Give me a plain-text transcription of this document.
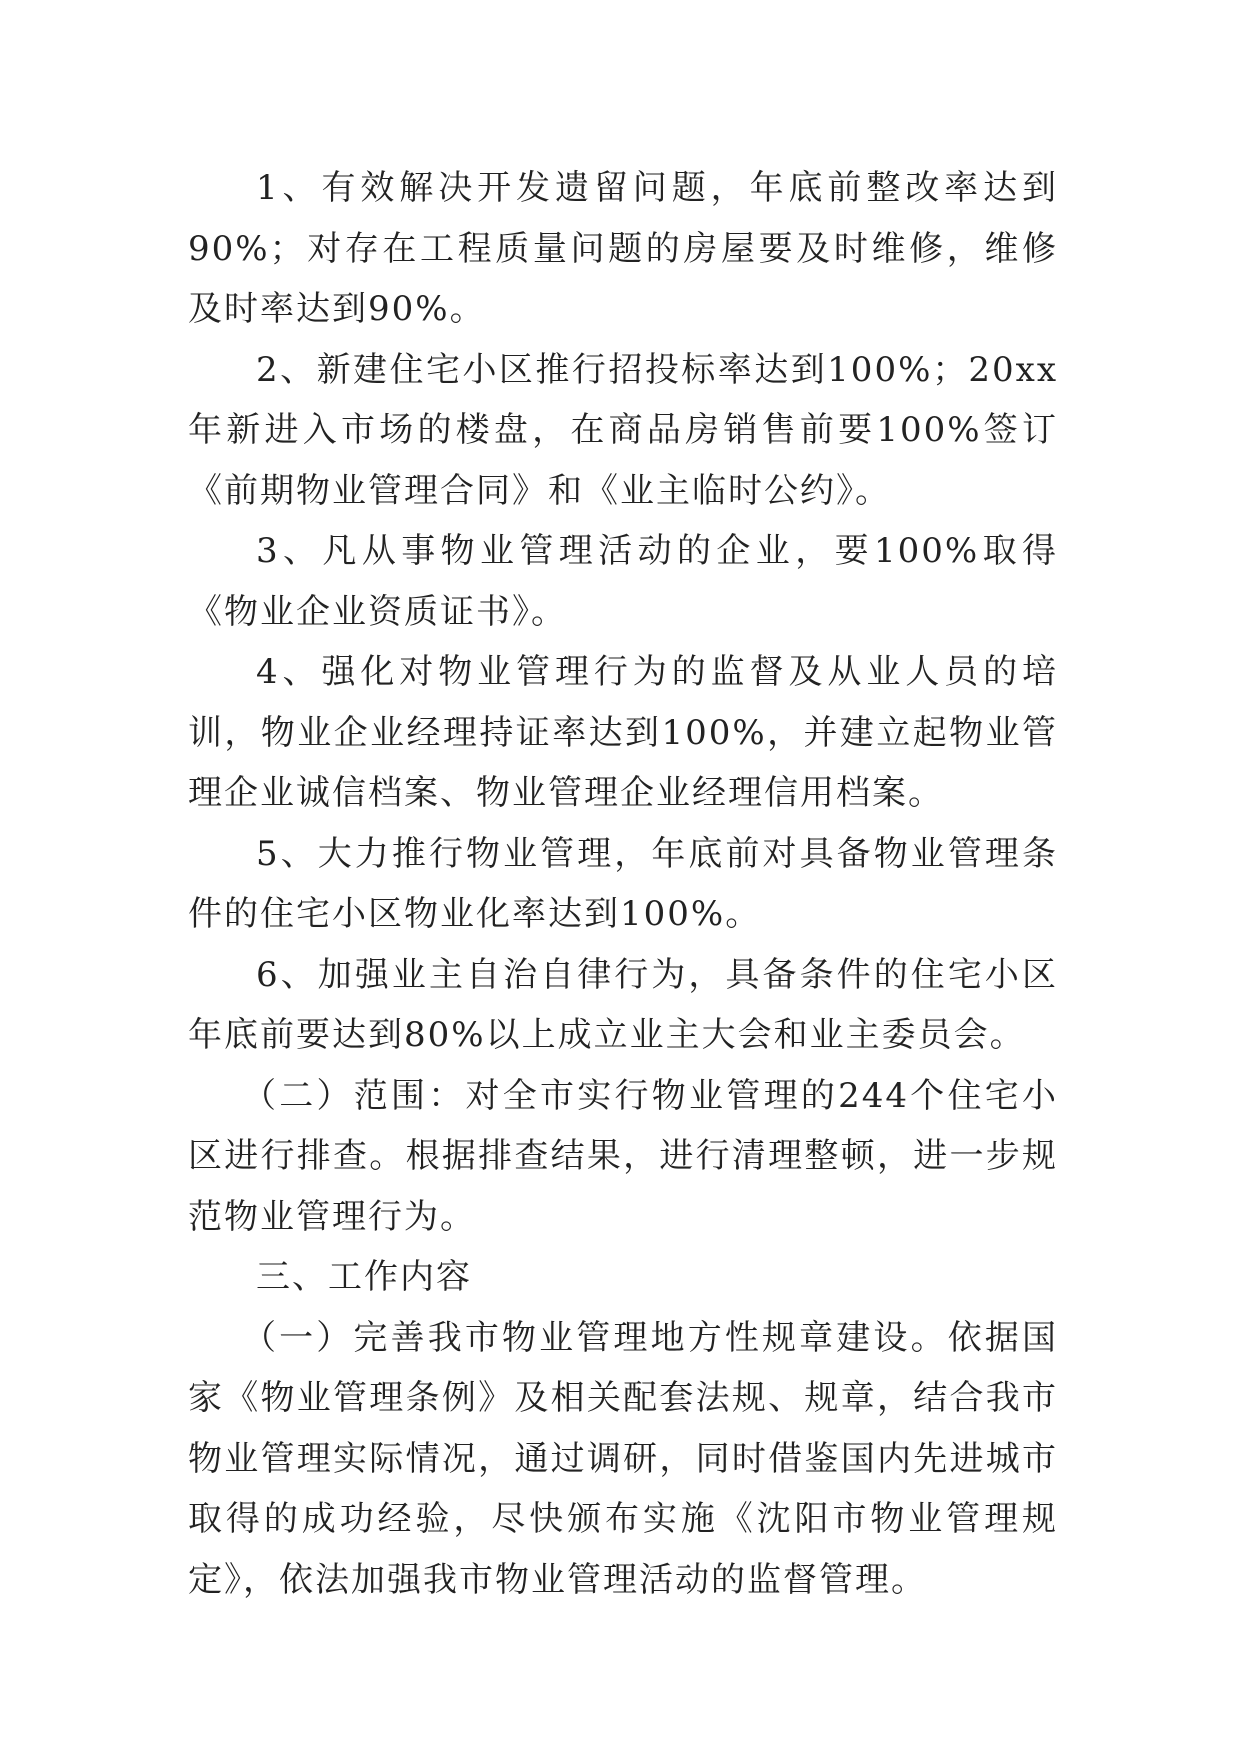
1、有效解决开发遗留问题，年底前整改率达到90%；对存在工程质量问题的房屋要及时维修，维修及时率达到90%。

2、新建住宅小区推行招投标率达到100%；20xx年新进入市场的楼盘，在商品房销售前要100%签订《前期物业管理合同》和《业主临时公约》。

3、凡从事物业管理活动的企业，要100%取得《物业企业资质证书》。

4、强化对物业管理行为的监督及从业人员的培训，物业企业经理持证率达到100%，并建立起物业管理企业诚信档案、物业管理企业经理信用档案。

5、大力推行物业管理，年底前对具备物业管理条件的住宅小区物业化率达到100%。

6、加强业主自治自律行为，具备条件的住宅小区年底前要达到80%以上成立业主大会和业主委员会。

（二）范围：对全市实行物业管理的244个住宅小区进行排查。根据排查结果，进行清理整顿，进一步规范物业管理行为。

三、工作内容

（一）完善我市物业管理地方性规章建设。依据国家《物业管理条例》及相关配套法规、规章，结合我市物业管理实际情况，通过调研，同时借鉴国内先进城市取得的成功经验，尽快颁布实施《沈阳市物业管理规定》，依法加强我市物业管理活动的监督管理。
